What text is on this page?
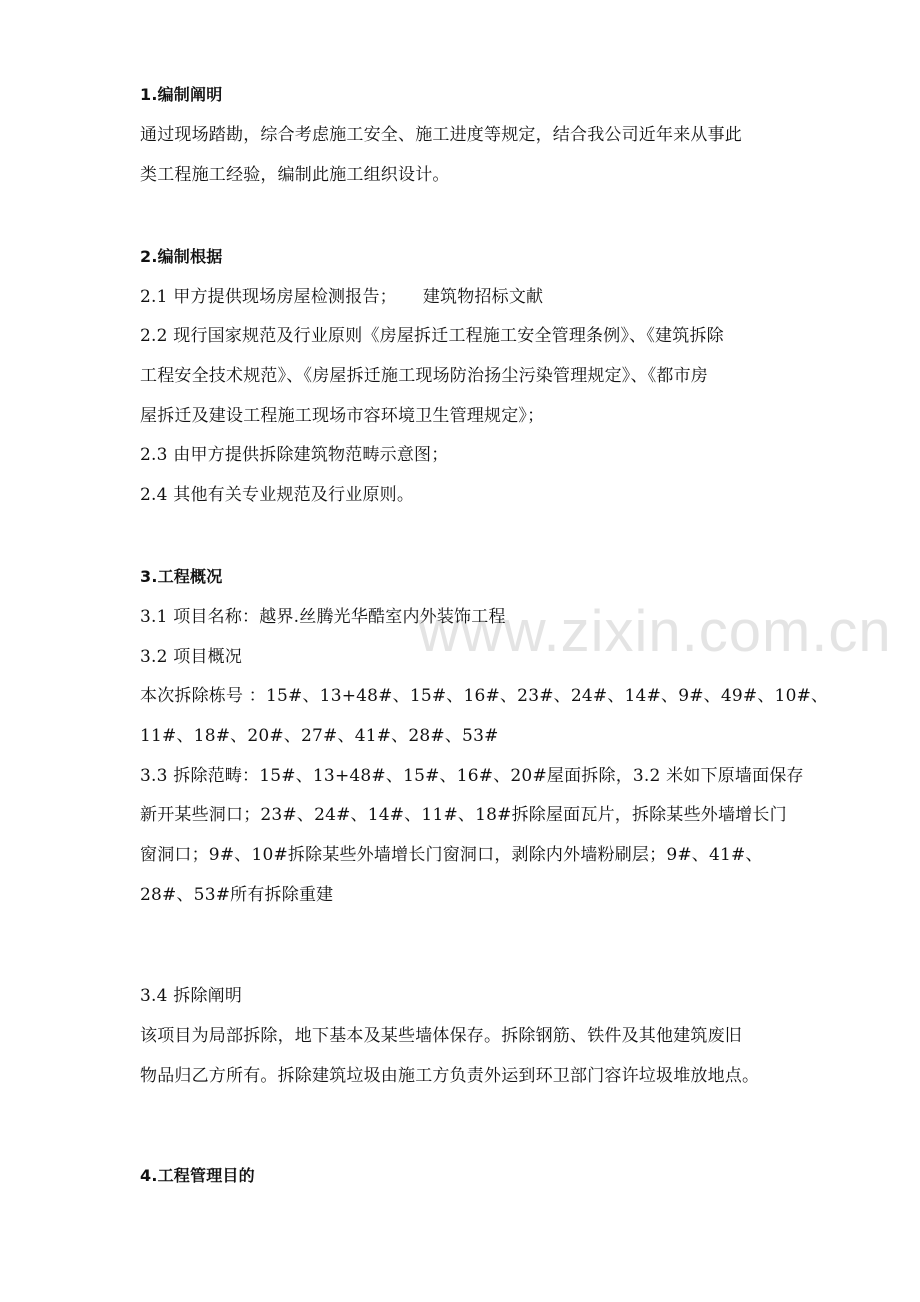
www.zixin.com.cn
1.编制阐明
通过现场踏勘，综合考虑施工安全、施工进度等规定，结合我公司近年来从事此
类工程施工经验，编制此施工组织设计。
2.编制根据
2.1 甲方提供现场房屋检测报告； 建筑物招标文献
2.2 现行国家规范及行业原则《房屋拆迁工程施工安全管理条例》、《建筑拆除
工程安全技术规范》、《房屋拆迁施工现场防治扬尘污染管理规定》、《都市房
屋拆迁及建设工程施工现场市容环境卫生管理规定》；
2.3 由甲方提供拆除建筑物范畴示意图；
2.4 其他有关专业规范及行业原则。
3.工程概况
3.1 项目名称：越界.丝腾光华酷室内外装饰工程
3.2 项目概况
本次拆除栋号 ：15#、13+48#、15#、16#、23#、24#、14#、9#、49#、10#、
11#、18#、20#、27#、41#、28#、53#
3.3 拆除范畴：15#、13+48#、15#、16#、20#屋面拆除，3.2 米如下原墙面保存
新开某些洞口；23#、24#、14#、11#、18#拆除屋面瓦片，拆除某些外墙增长门
窗洞口；9#、10#拆除某些外墙增长门窗洞口，剥除内外墙粉刷层；9#、41#、
28#、53#所有拆除重建
3.4 拆除阐明
该项目为局部拆除，地下基本及某些墙体保存。拆除钢筋、铁件及其他建筑废旧
物品归乙方所有。拆除建筑垃圾由施工方负责外运到环卫部门容许垃圾堆放地点。
4.工程管理目的
